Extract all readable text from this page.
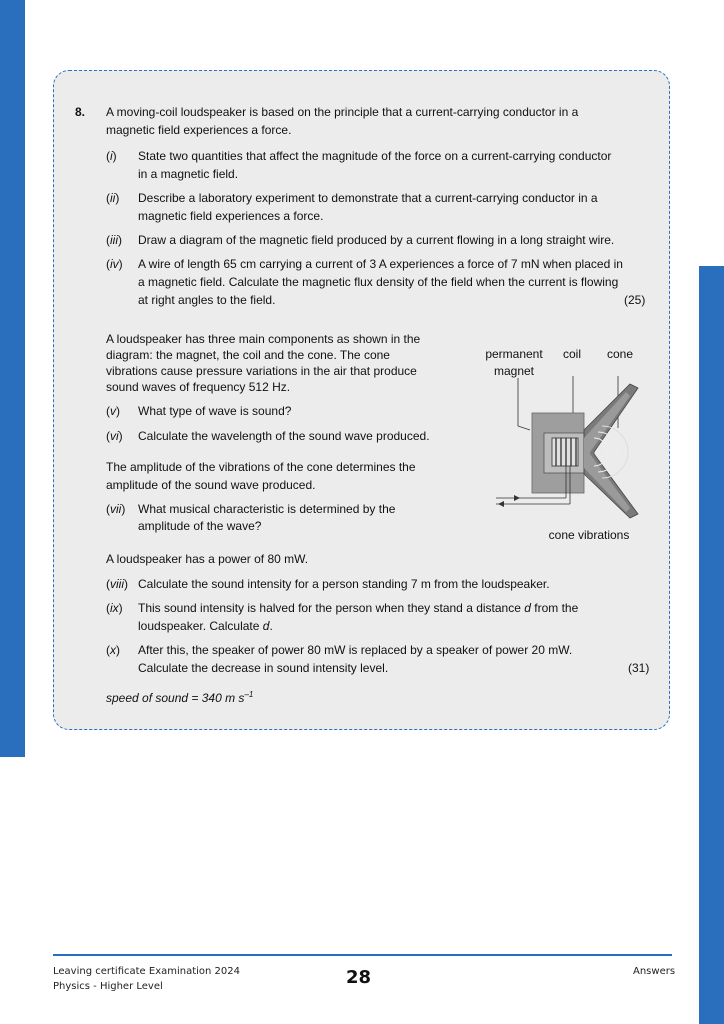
8. A moving-coil loudspeaker is based on the principle that a current-carrying conductor in a
magnetic field experiences a force.
(i) State two quantities that affect the magnitude of the force on a current-carrying conductor
in a magnetic field.
(ii) Describe a laboratory experiment to demonstrate that a current-carrying conductor in a
magnetic field experiences a force.
(iii) Draw a diagram of the magnetic field produced by a current flowing in a long straight wire.
(iv) A wire of length 65 cm carrying a current of 3 A experiences a force of 7 mN when placed in
a magnetic field. Calculate the magnetic flux density of the field when the current is flowing
at right angles to the field.	(25)
A loudspeaker has three main components as shown in the
diagram: the magnet, the coil and the cone. The cone
vibrations cause pressure variations in the air that produce
sound waves of frequency 512 Hz.
(v) What type of wave is sound?
(vi) Calculate the wavelength of the sound wave produced.
The amplitude of the vibrations of the cone determines the
amplitude of the sound wave produced.
(vii) What musical characteristic is determined by the
amplitude of the wave?
A loudspeaker has a power of 80 mW.
(viii) Calculate the sound intensity for a person standing 7 m from the loudspeaker.
(ix) This sound intensity is halved for the person when they stand a distance d from the
loudspeaker. Calculate d.
(x) After this, the speaker of power 80 mW is replaced by a speaker of power 20 mW.
Calculate the decrease in sound intensity level.	(31)
speed of sound = 340 m $s^{-1}$
permanent
magnet
coil	cone
cone vibrations
Leaving certificate Examination 2024
Physics - Higher Level	28	Answers
